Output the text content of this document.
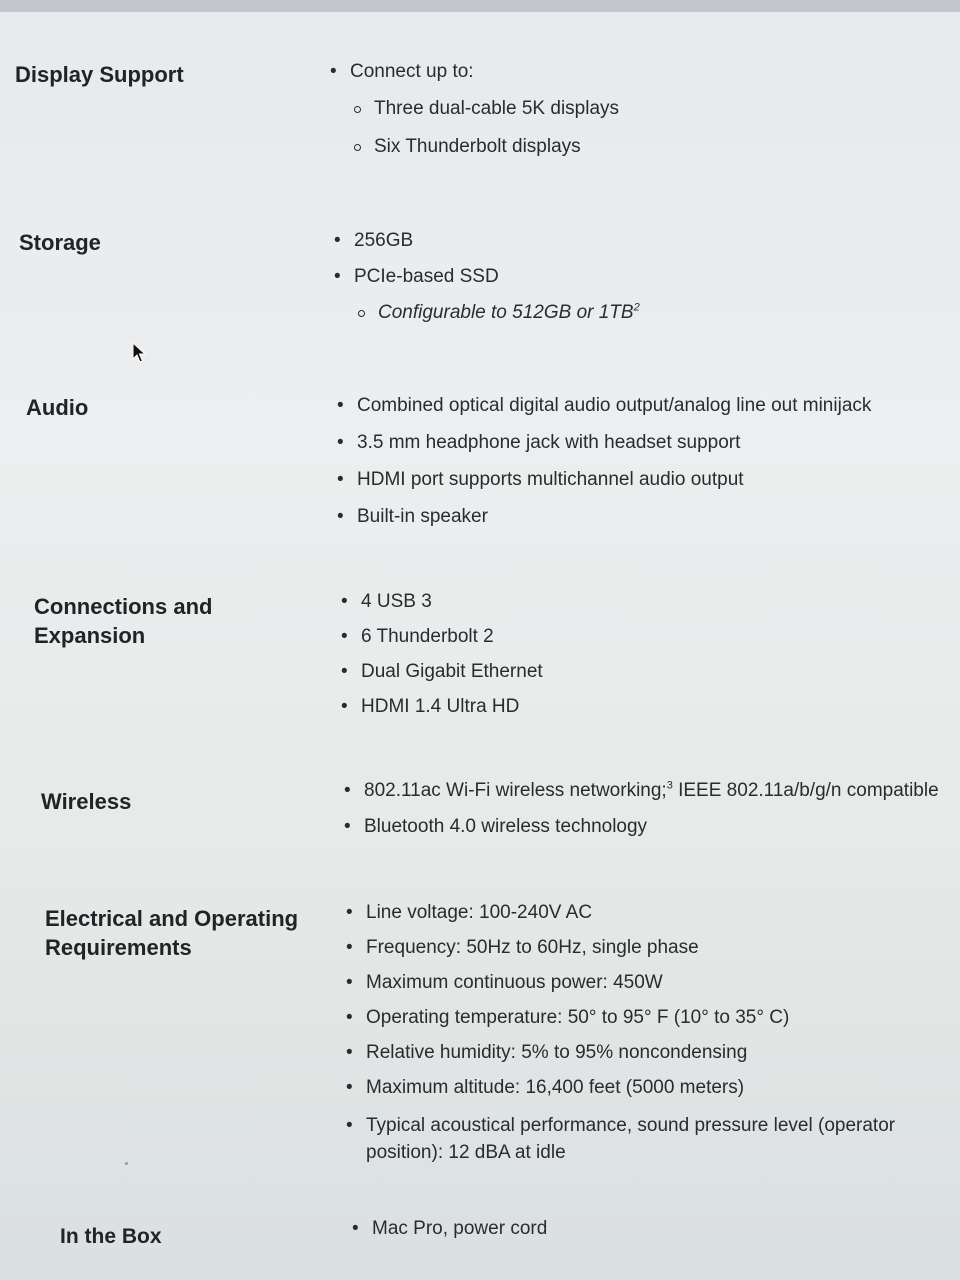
Display Support	• Connect up to:
Three dual-cable 5K displays
Six Thunderbolt displays
Storage	• 256GB
• PCIe-based SSD
Configurable to 512GB or $1TB^2$
Audio	• Combined optical digital audio output/analog line out minijack
• 3.5 mm headphone jack with headset support
• HDMI port supports multichannel audio output
• Built-in speaker
Connections and
Expansion
• 4 USB 3
• 6 Thunderbolt 2
• Dual Gigabit Ethernet
• HDMI 1.4 Ultra HD
Wireless	• 802.11ac Wi-Fi wireless networking;$^3$ IEEE 802.11a/b/g/n compatible
• Bluetooth 4.0 wireless technology
Electrical and Operating
Requirements
• Line voltage: 100-240V AC
• Frequency: 50Hz to 60Hz, single phase
• Maximum continuous power: 450W
• Operating temperature: 50° to 95° F (10° to 35° C)
• Relative humidity: 5% to 95% noncondensing
• Maximum altitude: 16,400 feet (5000 meters)
• Typical acoustical performance, sound pressure level (operator position): 12 dBA at idle
In the Box	• Mac Pro, power cord
